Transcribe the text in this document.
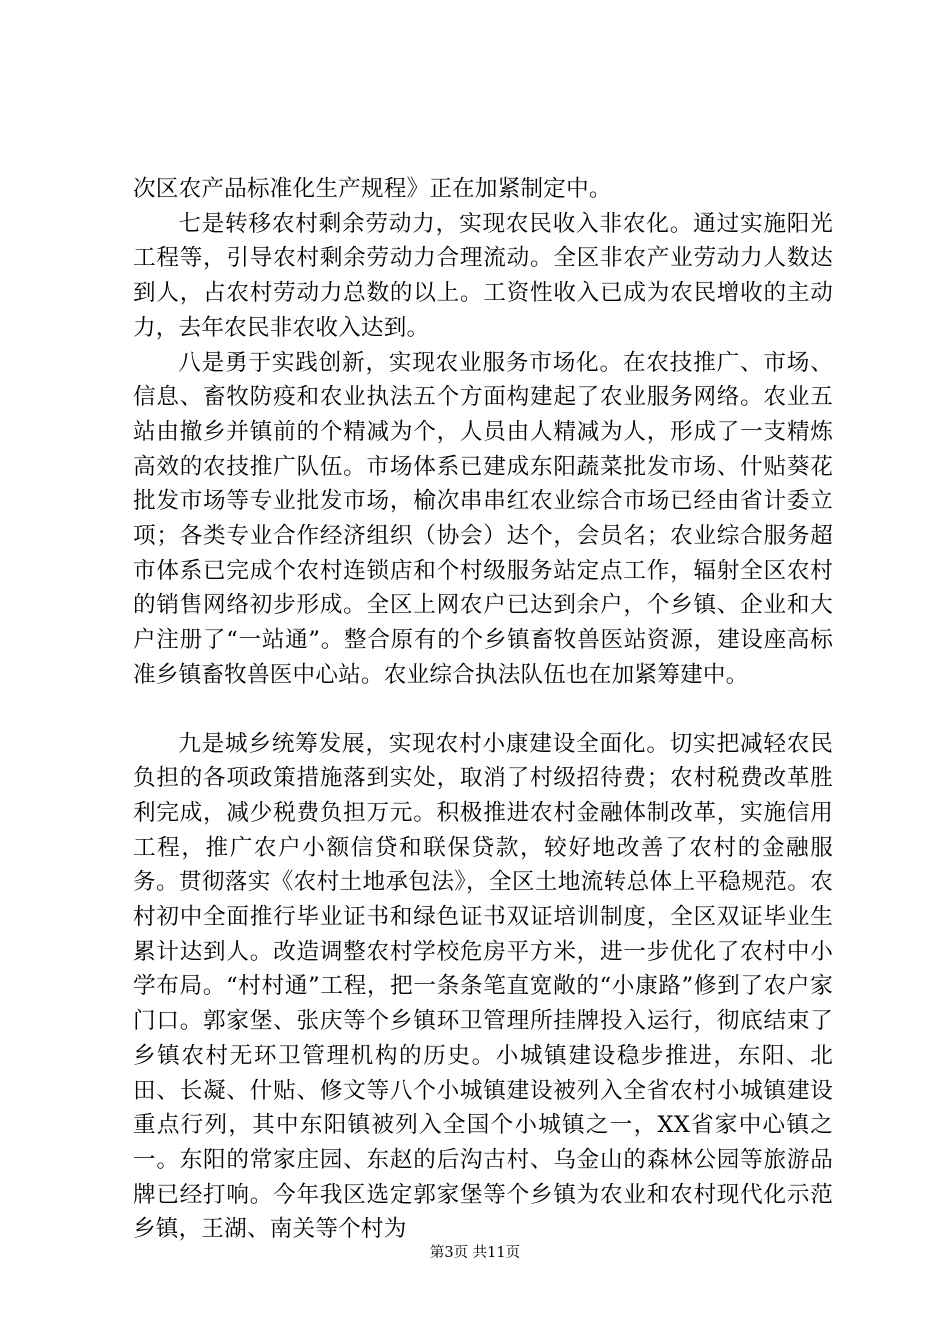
次区农产品标准化生产规程》正在加紧制定中。

七是转移农村剩余劳动力，实现农民收入非农化。通过实施阳光工程等，引导农村剩余劳动力合理流动。全区非农产业劳动力人数达到人，占农村劳动力总数的以上。工资性收入已成为农民增收的主动力，去年农民非农收入达到。

八是勇于实践创新，实现农业服务市场化。在农技推广、市场、信息、畜牧防疫和农业执法五个方面构建起了农业服务网络。农业五站由撤乡并镇前的个精减为个，人员由人精减为人，形成了一支精炼高效的农技推广队伍。市场体系已建成东阳蔬菜批发市场、什贴葵花批发市场等专业批发市场，榆次串串红农业综合市场已经由省计委立项；各类专业合作经济组织（协会）达个，会员名；农业综合服务超市体系已完成个农村连锁店和个村级服务站定点工作，辐射全区农村的销售网络初步形成。全区上网农户已达到余户，个乡镇、企业和大户注册了“一站通”。整合原有的个乡镇畜牧兽医站资源，建设座高标准乡镇畜牧兽医中心站。农业综合执法队伍也在加紧筹建中。

九是城乡统筹发展，实现农村小康建设全面化。切实把减轻农民负担的各项政策措施落到实处，取消了村级招待费；农村税费改革胜利完成，减少税费负担万元。积极推进农村金融体制改革，实施信用工程，推广农户小额信贷和联保贷款，较好地改善了农村的金融服务。贯彻落实《农村土地承包法》，全区土地流转总体上平稳规范。农村初中全面推行毕业证书和绿色证书双证培训制度，全区双证毕业生累计达到人。改造调整农村学校危房平方米，进一步优化了农村中小学布局。“村村通”工程，把一条条笔直宽敞的“小康路”修到了农户家门口。郭家堡、张庆等个乡镇环卫管理所挂牌投入运行，彻底结束了乡镇农村无环卫管理机构的历史。小城镇建设稳步推进，东阳、北田、长凝、什贴、修文等八个小城镇建设被列入全省农村小城镇建设重点行列，其中东阳镇被列入全国个小城镇之一，XX省家中心镇之一。东阳的常家庄园、东赵的后沟古村、乌金山的森林公园等旅游品牌已经打响。今年我区选定郭家堡等个乡镇为农业和农村现代化示范乡镇，王湖、南关等个村为

第3页 共11页
